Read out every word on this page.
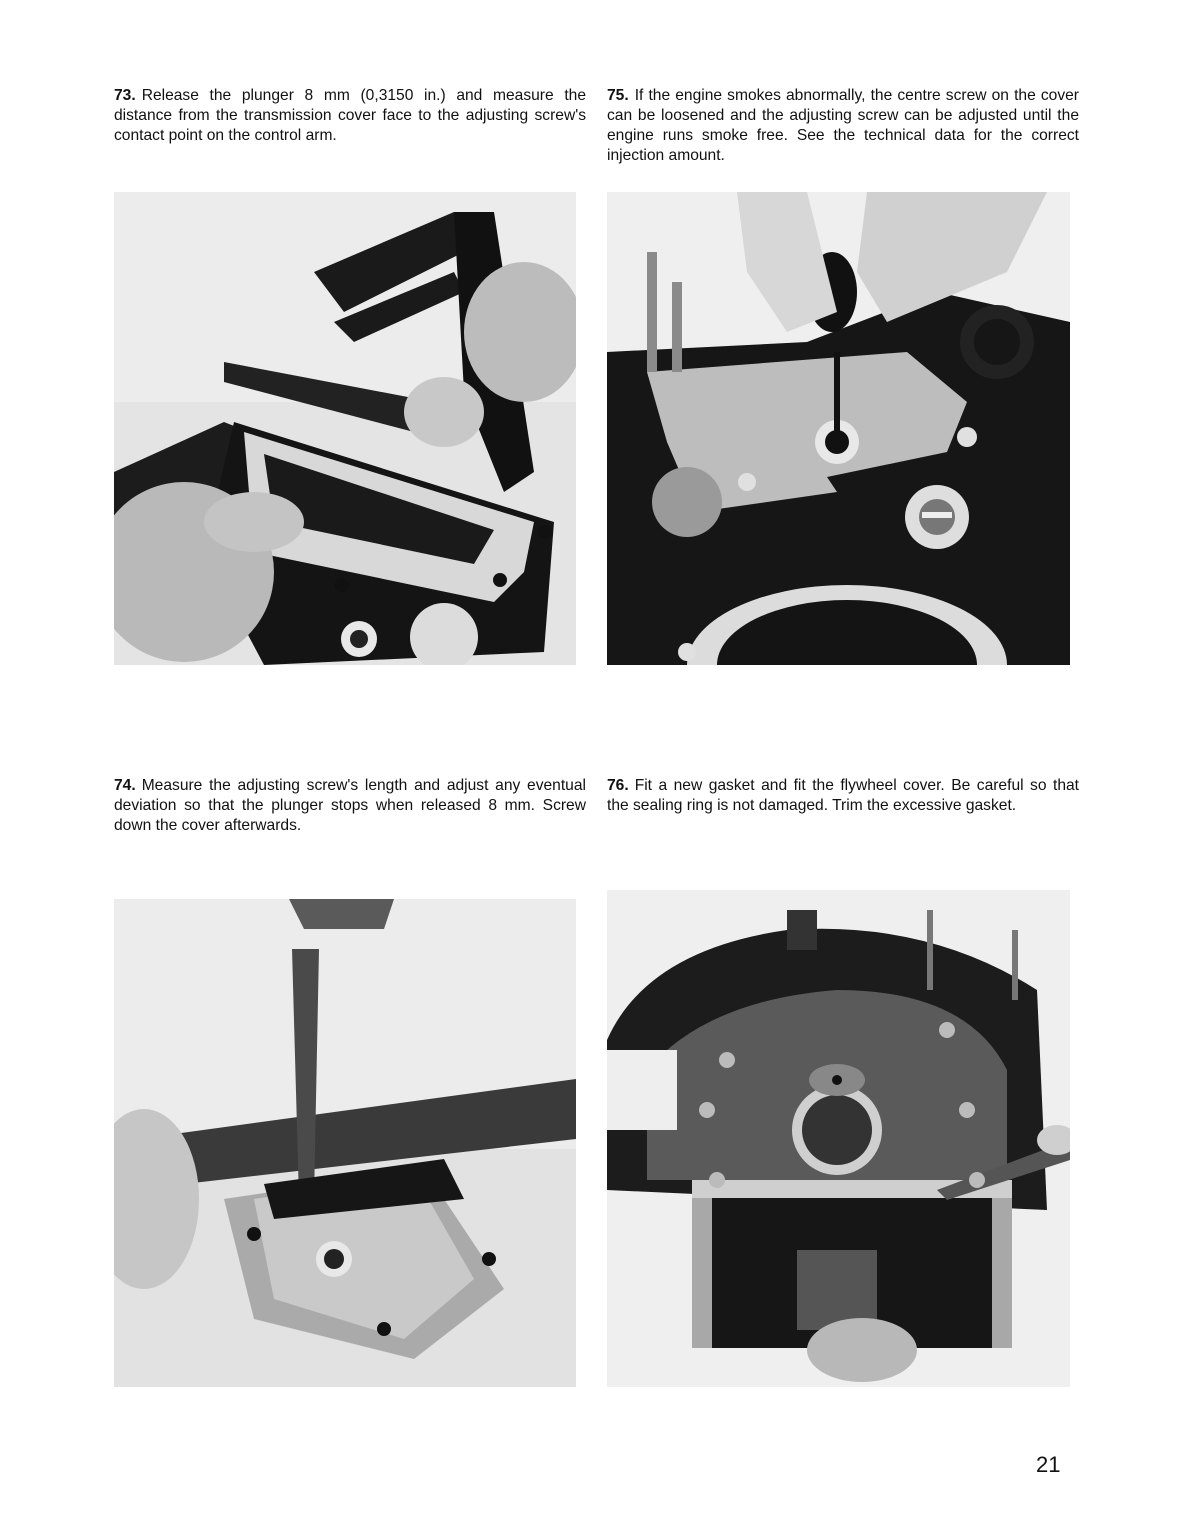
73. Release the plunger 8 mm (0,3150 in.) and measure the distance from the transmission cover face to the adjusting screw's contact point on the control arm.

75. If the engine smokes abnormally, the centre screw on the cover can be loosened and the adjusting screw can be adjusted until the engine runs smoke free. See the technical data for the correct injection amount.

74. Measure the adjusting screw's length and adjust any eventual deviation so that the plunger stops when released 8 mm. Screw down the cover afterwards.

76. Fit a new gasket and fit the flywheel cover. Be careful so that the sealing ring is not damaged. Trim the excessive gasket.

21
